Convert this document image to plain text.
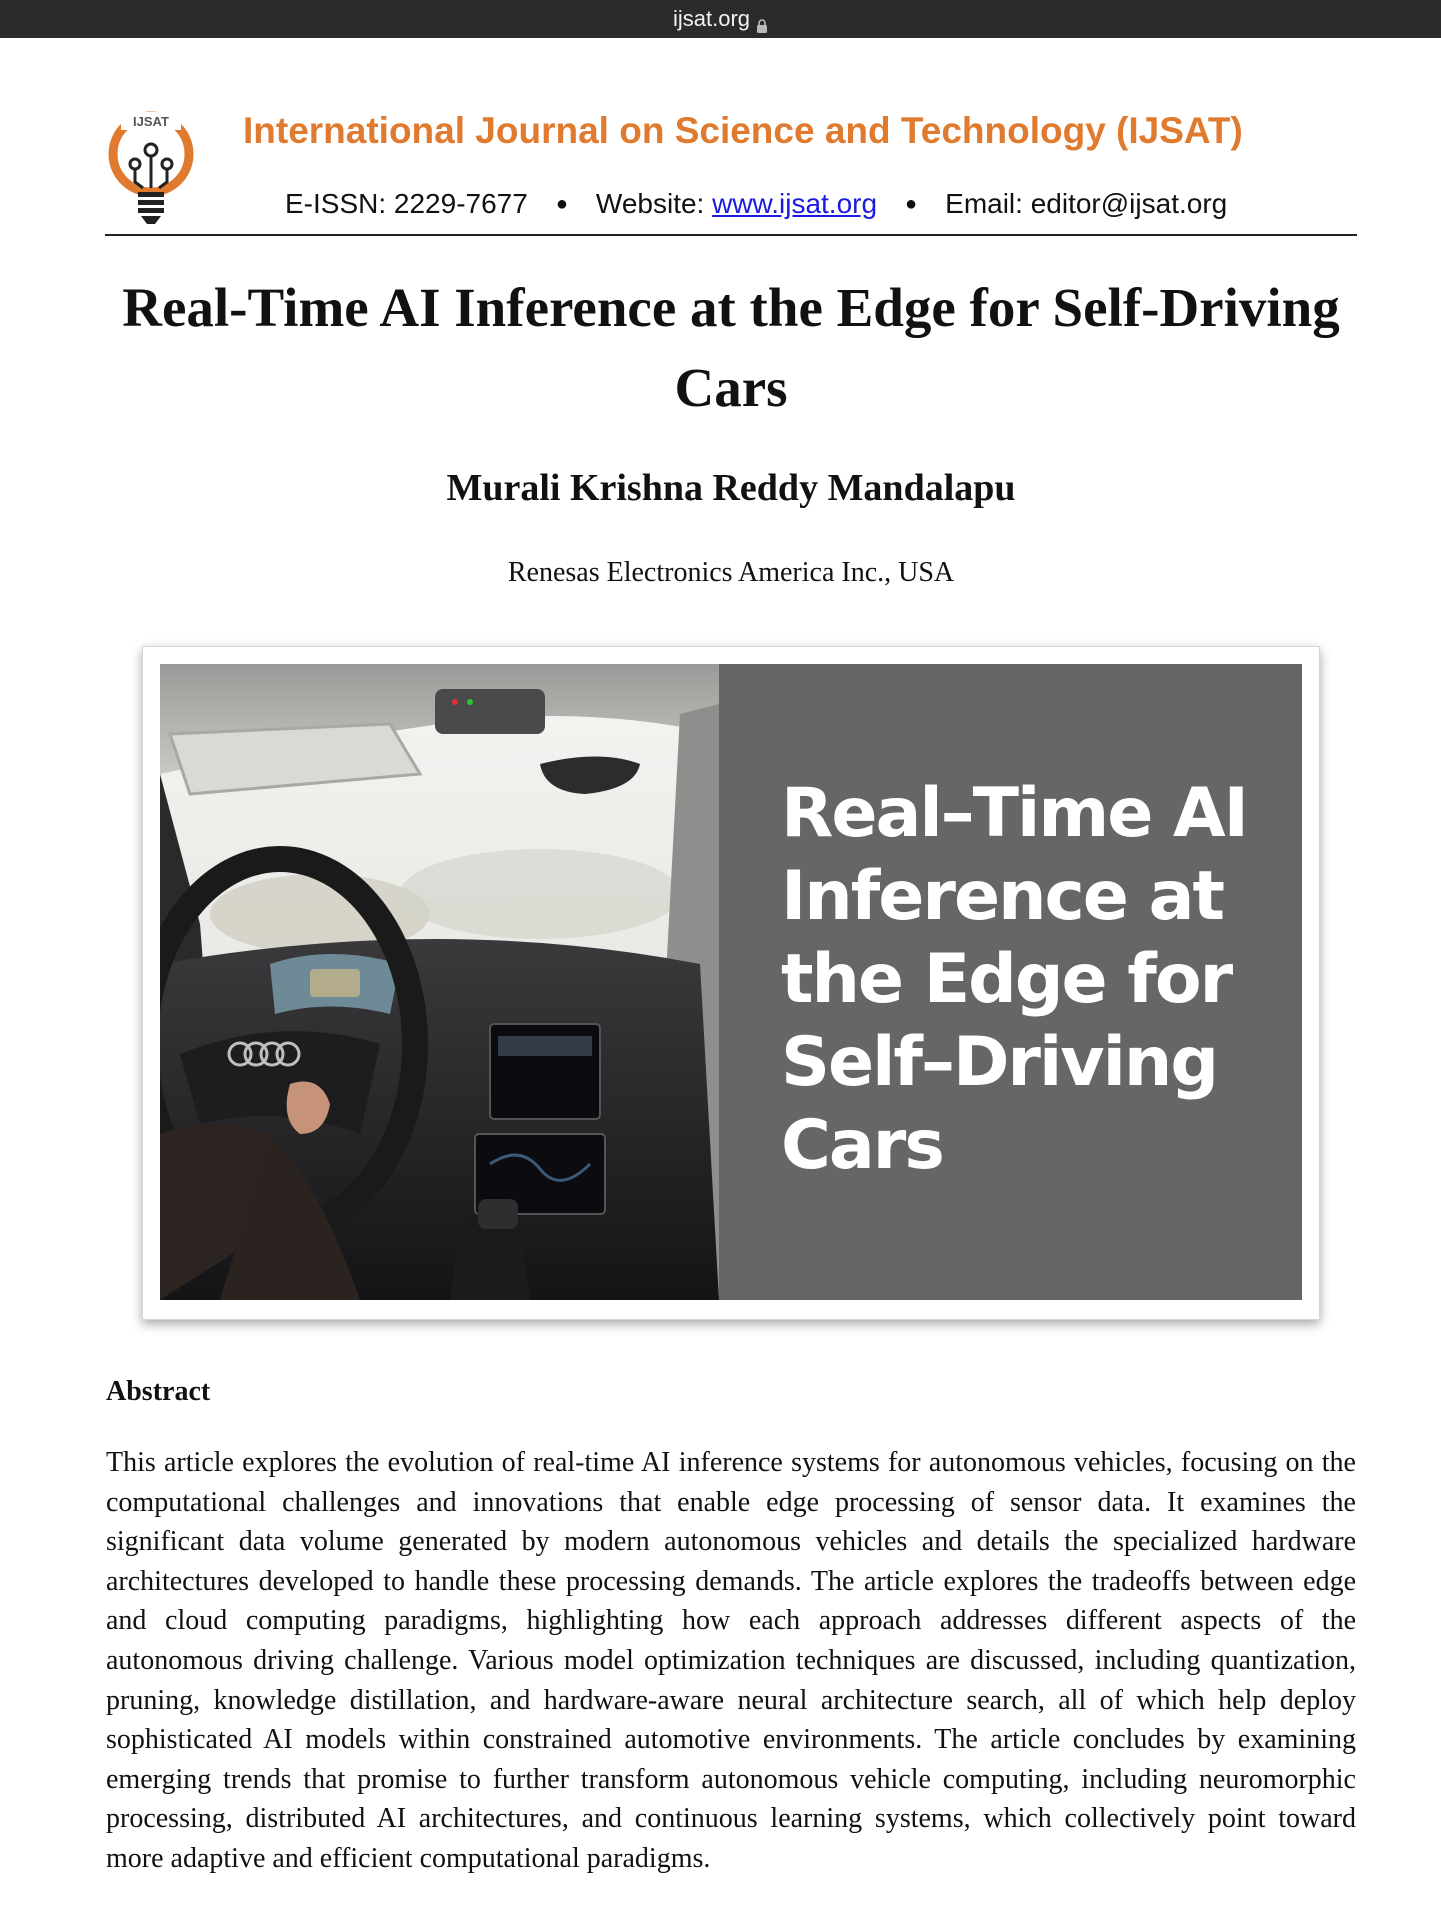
ijsat.org
IJSAT International Journal on Science and Technology (IJSAT)
E-ISSN: 2229-7677 ● Website: www.ijsat.org ● Email: editor@ijsat.org
Real-Time AI Inference at the Edge for Self-Driving Cars
Murali Krishna Reddy Mandalapu
Renesas Electronics America Inc., USA
Real–Time AI
Inference at
the Edge for
Self–Driving
Cars
Abstract
This article explores the evolution of real-time AI inference systems for autonomous vehicles, focusing on the computational challenges and innovations that enable edge processing of sensor data. It examines the significant data volume generated by modern autonomous vehicles and details the specialized hardware architectures developed to handle these processing demands. The article explores the tradeoffs between edge and cloud computing paradigms, highlighting how each approach addresses different aspects of the autonomous driving challenge. Various model optimization techniques are discussed, including quantization, pruning, knowledge distillation, and hardware-aware neural architecture search, all of which help deploy sophisticated AI models within constrained automotive environments. The article concludes by examining emerging trends that promise to further transform autonomous vehicle computing, including neuromorphic processing, distributed AI architectures, and continuous learning systems, which collectively point toward more adaptive and efficient computational paradigms.
